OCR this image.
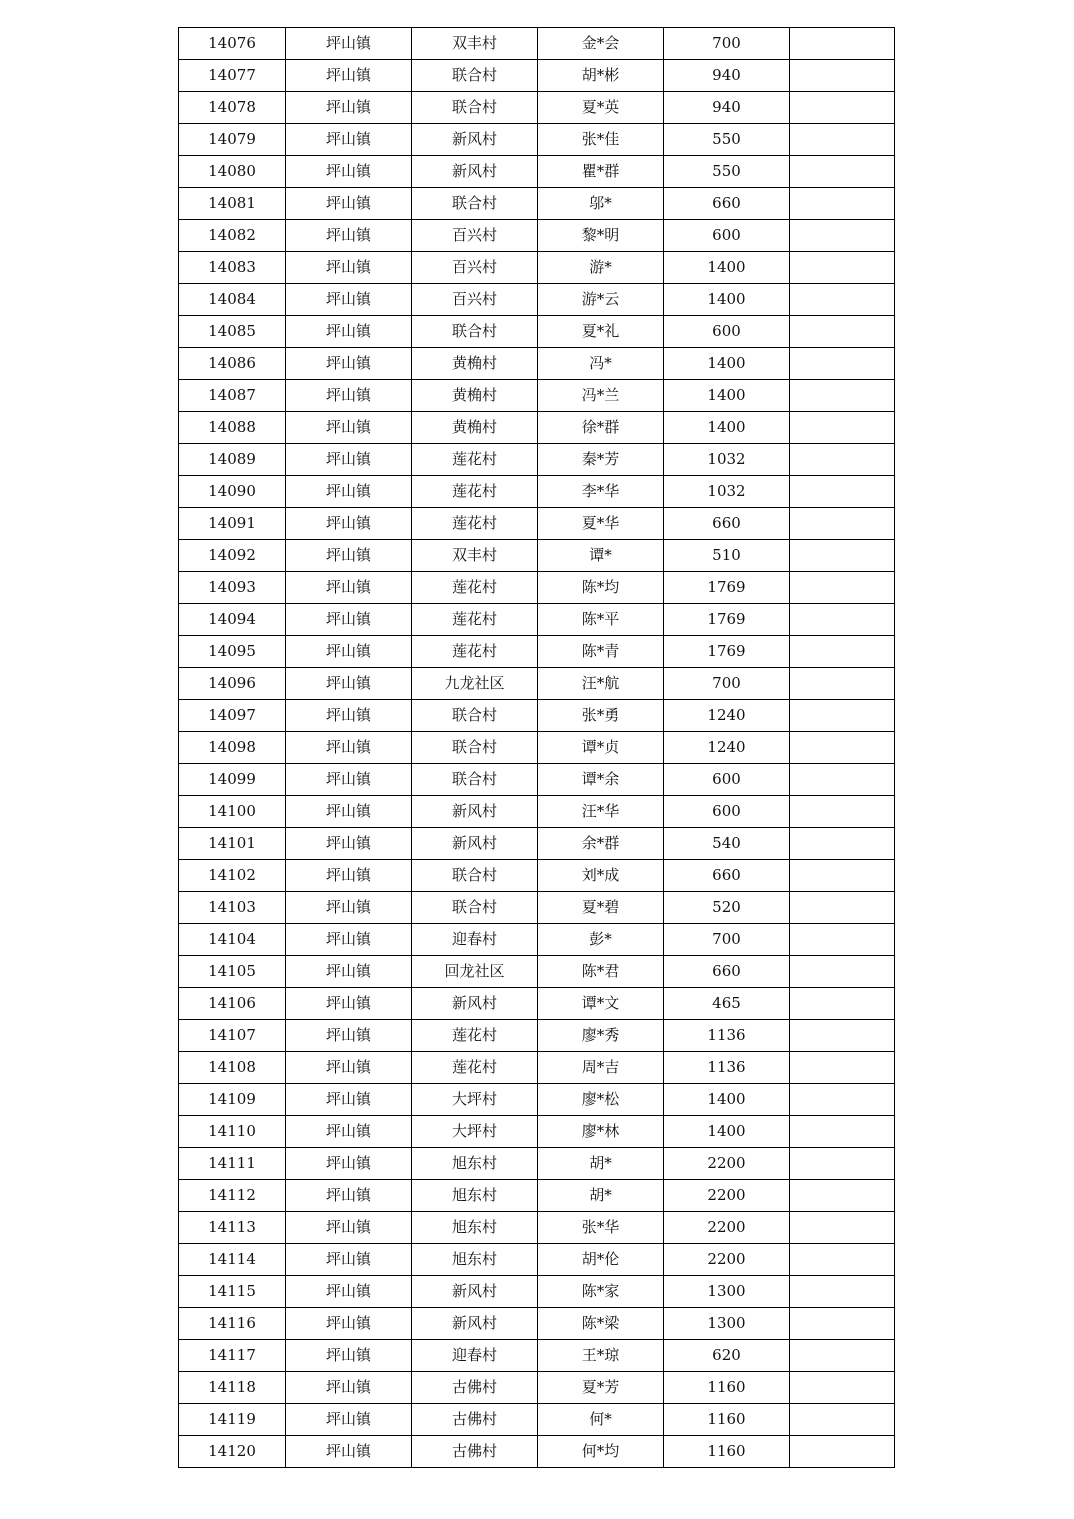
14076	坪山镇	双丰村	金*会	700	
14077	坪山镇	联合村	胡*彬	940	
14078	坪山镇	联合村	夏*英	940	
14079	坪山镇	新风村	张*佳	550	
14080	坪山镇	新风村	瞿*群	550	
14081	坪山镇	联合村	邬*	660	
14082	坪山镇	百兴村	黎*明	600	
14083	坪山镇	百兴村	游*	1400	
14084	坪山镇	百兴村	游*云	1400	
14085	坪山镇	联合村	夏*礼	600	
14086	坪山镇	黄桷村	冯*	1400	
14087	坪山镇	黄桷村	冯*兰	1400	
14088	坪山镇	黄桷村	徐*群	1400	
14089	坪山镇	莲花村	秦*芳	1032	
14090	坪山镇	莲花村	李*华	1032	
14091	坪山镇	莲花村	夏*华	660	
14092	坪山镇	双丰村	谭*	510	
14093	坪山镇	莲花村	陈*均	1769	
14094	坪山镇	莲花村	陈*平	1769	
14095	坪山镇	莲花村	陈*青	1769	
14096	坪山镇	九龙社区	汪*航	700	
14097	坪山镇	联合村	张*勇	1240	
14098	坪山镇	联合村	谭*贞	1240	
14099	坪山镇	联合村	谭*余	600	
14100	坪山镇	新风村	汪*华	600	
14101	坪山镇	新风村	余*群	540	
14102	坪山镇	联合村	刘*成	660	
14103	坪山镇	联合村	夏*碧	520	
14104	坪山镇	迎春村	彭*	700	
14105	坪山镇	回龙社区	陈*君	660	
14106	坪山镇	新风村	谭*文	465	
14107	坪山镇	莲花村	廖*秀	1136	
14108	坪山镇	莲花村	周*吉	1136	
14109	坪山镇	大坪村	廖*松	1400	
14110	坪山镇	大坪村	廖*林	1400	
14111	坪山镇	旭东村	胡*	2200	
14112	坪山镇	旭东村	胡*	2200	
14113	坪山镇	旭东村	张*华	2200	
14114	坪山镇	旭东村	胡*伦	2200	
14115	坪山镇	新风村	陈*家	1300	
14116	坪山镇	新风村	陈*梁	1300	
14117	坪山镇	迎春村	王*琼	620	
14118	坪山镇	古佛村	夏*芳	1160	
14119	坪山镇	古佛村	何*	1160	
14120	坪山镇	古佛村	何*均	1160	
